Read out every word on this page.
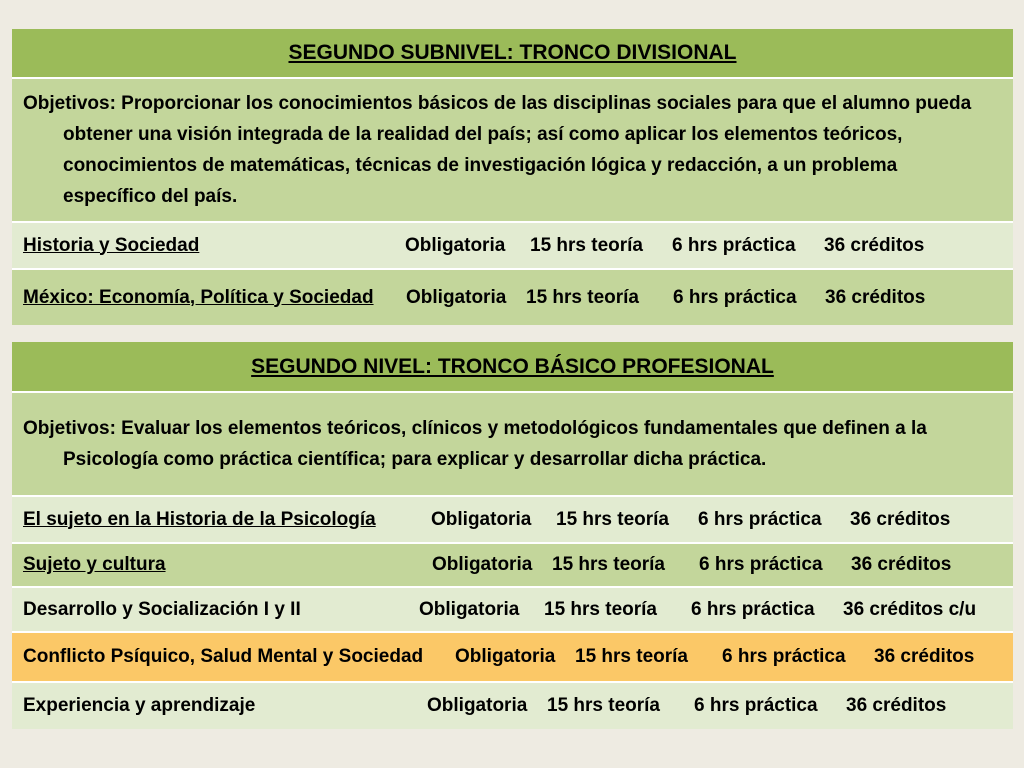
SEGUNDO SUBNIVEL: TRONCO DIVISIONAL
Objetivos: Proporcionar los conocimientos básicos de las disciplinas sociales para que el alumno pueda obtener una visión integrada de la realidad del país; así como aplicar los elementos teóricos, conocimientos de matemáticas, técnicas de investigación lógica y redacción, a un problema específico del país.
Historia y Sociedad	Obligatoria 15 hrs teoría 6 hrs práctica 36 créditos
México: Economía, Política y Sociedad Obligatoria 15 hrs teoría 6 hrs práctica 36 créditos
SEGUNDO NIVEL: TRONCO BÁSICO PROFESIONAL
Objetivos: Evaluar los elementos teóricos, clínicos y metodológicos fundamentales que definen a la Psicología como práctica científica; para explicar y desarrollar dicha práctica.
El sujeto en la Historia de la Psicología	Obligatoria 15 hrs teoría 6 hrs práctica 36 créditos
Sujeto y cultura	Obligatoria 15 hrs teoría 6 hrs práctica 36 créditos
Desarrollo y Socialización I y II	Obligatoria 15 hrs teoría 6 hrs práctica 36 créditos c/u
Conflicto Psíquico, Salud Mental y Sociedad Obligatoria 15 hrs teoría 6 hrs práctica 36 créditos
Experiencia y aprendizaje	Obligatoria 15 hrs teoría 6 hrs práctica 36 créditos
